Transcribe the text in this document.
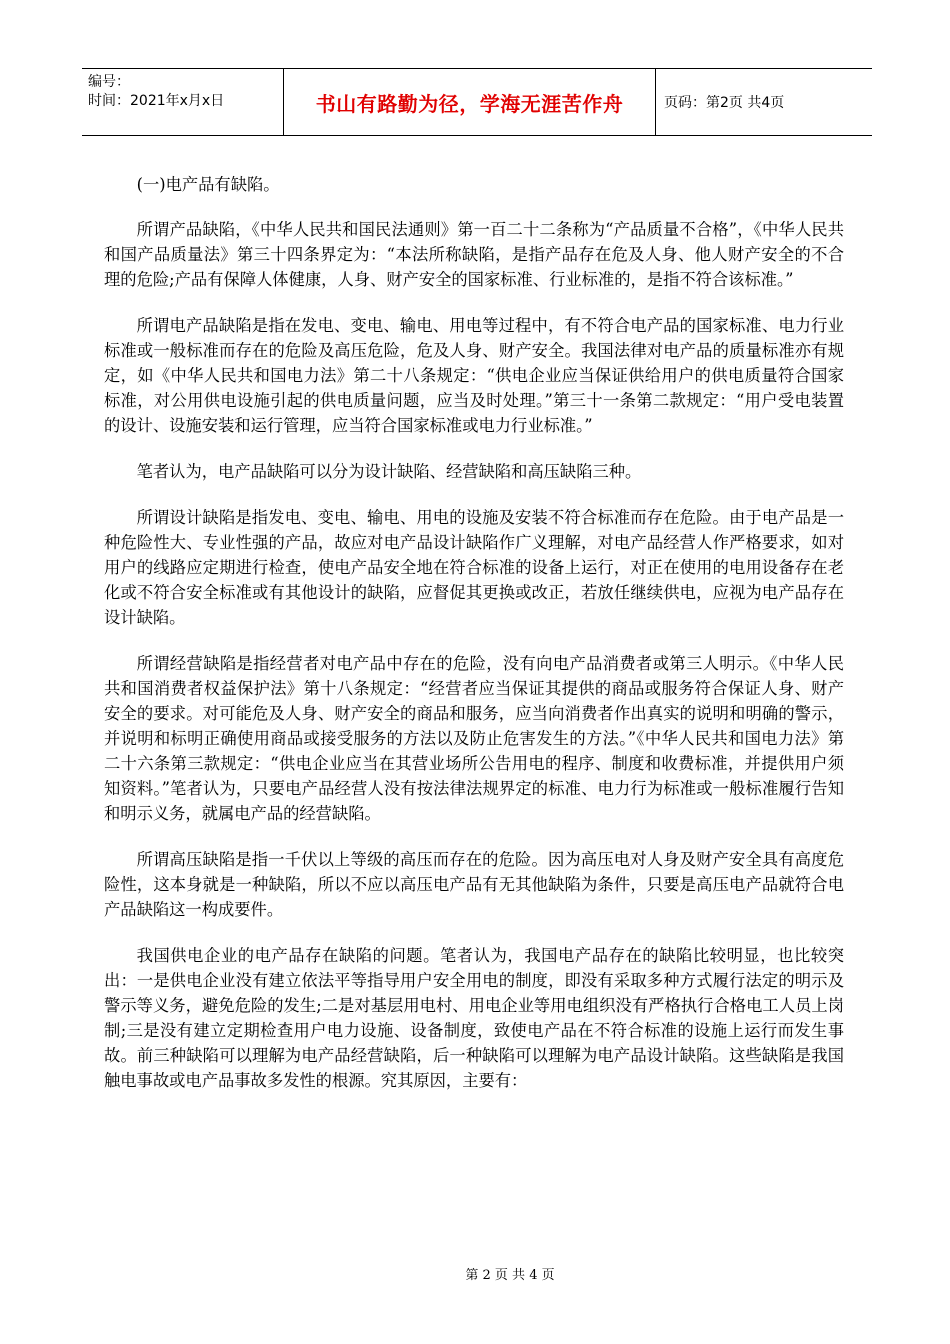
编号：
时间：2021年x月x日	书山有路勤为径，学海无涯苦作舟	页码：第2页 共4页

(一)电产品有缺陷。

所谓产品缺陷，《中华人民共和国民法通则》第一百二十二条称为“产品质量不合格”，《中华人民共和国产品质量法》第三十四条界定为：“本法所称缺陷，是指产品存在危及人身、他人财产安全的不合理的危险;产品有保障人体健康，人身、财产安全的国家标准、行业标准的，是指不符合该标准。”

所谓电产品缺陷是指在发电、变电、输电、用电等过程中，有不符合电产品的国家标准、电力行业标准或一般标准而存在的危险及高压危险，危及人身、财产安全。我国法律对电产品的质量标准亦有规定，如《中华人民共和国电力法》第二十八条规定：“供电企业应当保证供给用户的供电质量符合国家标准，对公用供电设施引起的供电质量问题，应当及时处理。”第三十一条第二款规定：“用户受电装置的设计、设施安装和运行管理，应当符合国家标准或电力行业标准。”

笔者认为，电产品缺陷可以分为设计缺陷、经营缺陷和高压缺陷三种。

所谓设计缺陷是指发电、变电、输电、用电的设施及安装不符合标准而存在危险。由于电产品是一种危险性大、专业性强的产品，故应对电产品设计缺陷作广义理解，对电产品经营人作严格要求，如对用户的线路应定期进行检查，使电产品安全地在符合标准的设备上运行，对正在使用的电用设备存在老化或不符合安全标准或有其他设计的缺陷，应督促其更换或改正，若放任继续供电，应视为电产品存在设计缺陷。

所谓经营缺陷是指经营者对电产品中存在的危险，没有向电产品消费者或第三人明示。《中华人民共和国消费者权益保护法》第十八条规定：“经营者应当保证其提供的商品或服务符合保证人身、财产安全的要求。对可能危及人身、财产安全的商品和服务，应当向消费者作出真实的说明和明确的警示，并说明和标明正确使用商品或接受服务的方法以及防止危害发生的方法。”《中华人民共和国电力法》第二十六条第三款规定：“供电企业应当在其营业场所公告用电的程序、制度和收费标准，并提供用户须知资料。”笔者认为，只要电产品经营人没有按法律法规界定的标准、电力行为标准或一般标准履行告知和明示义务，就属电产品的经营缺陷。

所谓高压缺陷是指一千伏以上等级的高压而存在的危险。因为高压电对人身及财产安全具有高度危险性，这本身就是一种缺陷，所以不应以高压电产品有无其他缺陷为条件，只要是高压电产品就符合电产品缺陷这一构成要件。

我国供电企业的电产品存在缺陷的问题。笔者认为，我国电产品存在的缺陷比较明显，也比较突出：一是供电企业没有建立依法平等指导用户安全用电的制度，即没有采取多种方式履行法定的明示及警示等义务，避免危险的发生;二是对基层用电村、用电企业等用电组织没有严格执行合格电工人员上岗制;三是没有建立定期检查用户电力设施、设备制度，致使电产品在不符合标准的设施上运行而发生事故。前三种缺陷可以理解为电产品经营缺陷，后一种缺陷可以理解为电产品设计缺陷。这些缺陷是我国触电事故或电产品事故多发性的根源。究其原因，主要有：

第 2 页 共 4 页
